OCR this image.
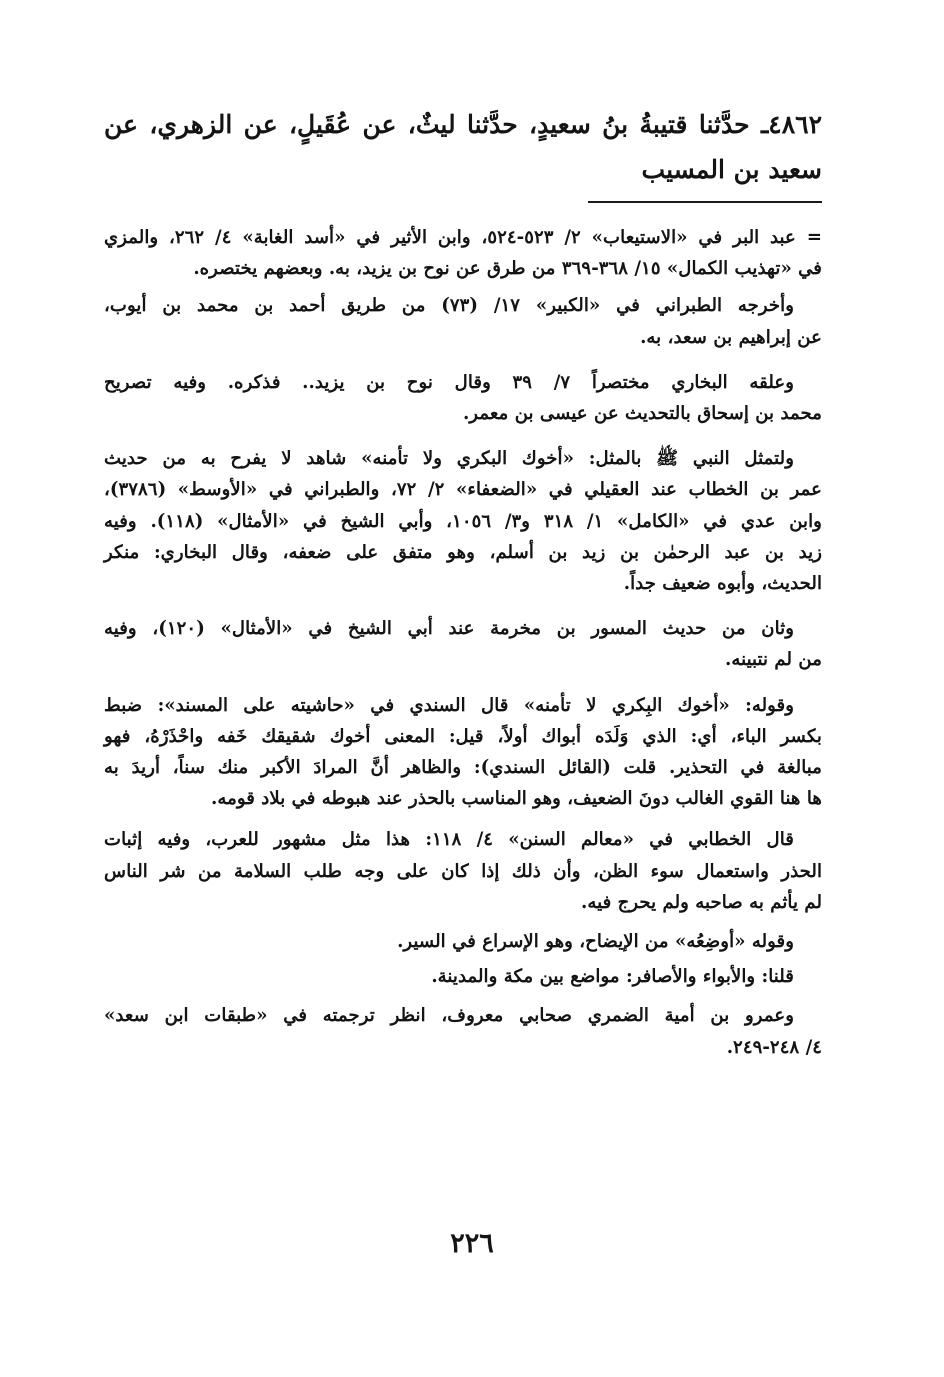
٤٨٦٢ـ حدَّثنا قتيبةُ بنُ سعيدٍ، حدَّثنا ليثٌ، عن عُقَيلٍ، عن الزهري، عن

سعيد بن المسيب

= عبد البر في «الاستيعاب» ٢/ ٥٢٣-٥٢٤، وابن الأثير في «أسد الغابة» ٤/ ٢٦٢، والمزي
في «تهذيب الكمال» ١٥/ ٣٦٨-٣٦٩ من طرق عن نوح بن يزيد، به. وبعضهم يختصره.
وأخرجه الطبراني في «الكبير» ١٧/ (٧٣) من طريق أحمد بن محمد بن أيوب،
عن إبراهيم بن سعد، به.
وعلقه البخاري مختصراً ٧/ ٣٩ وقال نوح بن يزيد.. فذكره. وفيه تصريح
محمد بن إسحاق بالتحديث عن عيسى بن معمر.
ولتمثل النبي ﷺ بالمثل: «أخوك البكري ولا تأمنه» شاهد لا يفرح به من حديث
عمر بن الخطاب عند العقيلي في «الضعفاء» ٢/ ٧٢، والطبراني في «الأوسط» (٣٧٨٦)،
وابن عدي في «الكامل» ١/ ٣١٨ و٣/ ١٠٥٦، وأبي الشيخ في «الأمثال» (١١٨). وفيه
زيد بن عبد الرحمٰن بن زيد بن أسلم، وهو متفق على ضعفه، وقال البخاري: منكر
الحديث، وأبوه ضعيف جداً.
وثان من حديث المسور بن مخرمة عند أبي الشيخ في «الأمثال» (١٢٠)، وفيه
من لم نتبينه.
وقوله: «أخوك البِكري لا تأمنه» قال السندي في «حاشيته على المسند»: ضبط
بكسر الباء، أي: الذي وَلَدَه أبواك أولاً، قيل: المعنى أخوك شقيقك خَفه واحْذَرْهُ، فهو
مبالغة في التحذير. قلت (القائل السندي): والظاهر أنَّ المرادَ الأكبر منك سناً، أريدَ به
ها هنا القوي الغالب دونَ الضعيف، وهو المناسب بالحذر عند هبوطه في بلاد قومه.
قال الخطابي في «معالم السنن» ٤/ ١١٨: هذا مثل مشهور للعرب، وفيه إثبات
الحذر واستعمال سوء الظن، وأن ذلك إذا كان على وجه طلب السلامة من شر الناس
لم يأثم به صاحبه ولم يحرج فيه.
وقوله «أوضِعُه» من الإيضاح، وهو الإسراع في السير.
قلنا: والأبواء والأصافر: مواضع بين مكة والمدينة.
وعمرو بن أمية الضمري صحابي معروف، انظر ترجمته في «طبقات ابن سعد»
٤/ ٢٤٨-٢٤٩.
٢٢٦
